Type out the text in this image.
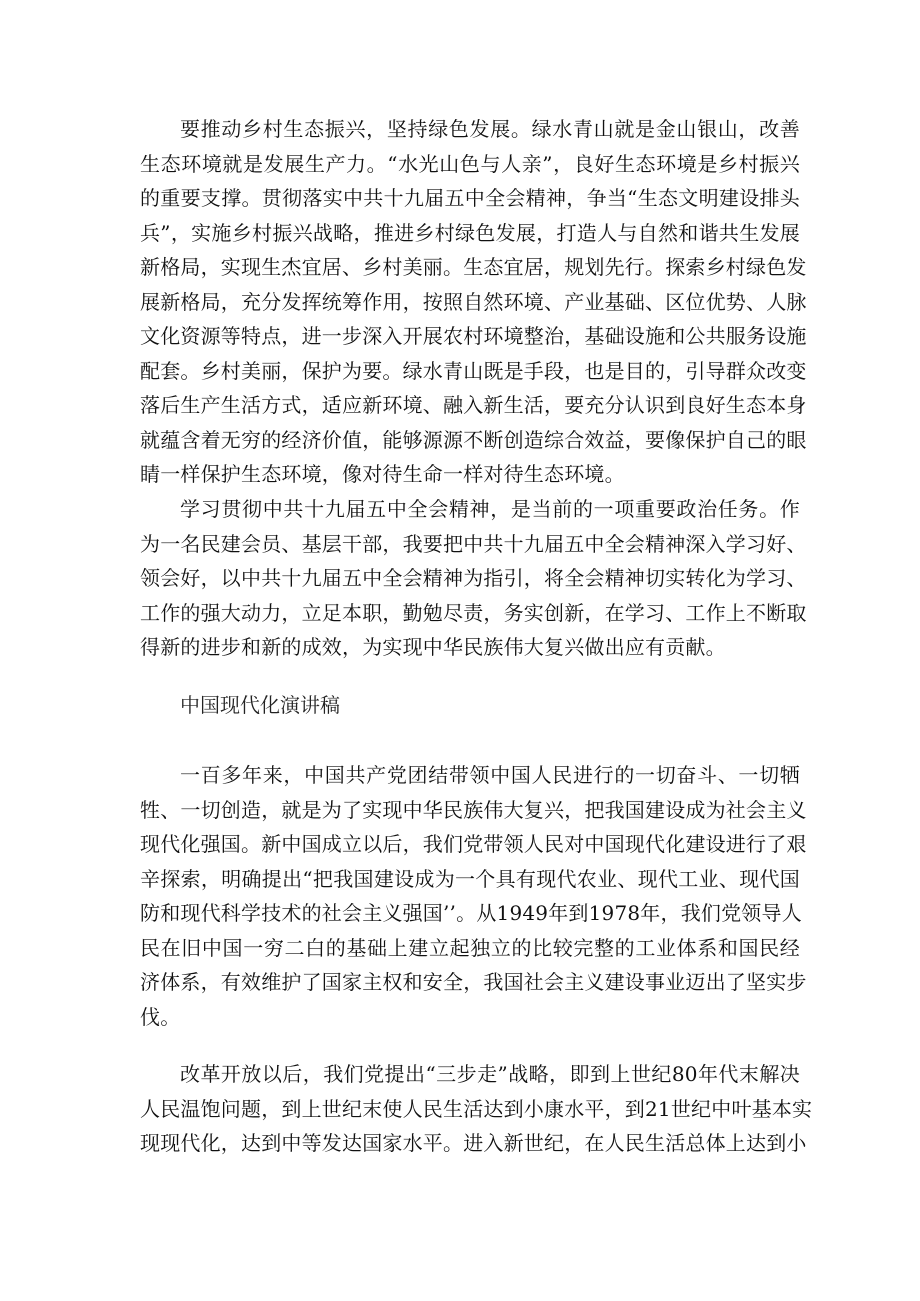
要推动乡村生态振兴，坚持绿色发展。绿水青山就是金山银山，改善
生态环境就是发展生产力。“水光山色与人亲”，良好生态环境是乡村振兴
的重要支撑。贯彻落实中共十九届五中全会精神，争当“生态文明建设排头
兵”，实施乡村振兴战略，推进乡村绿色发展，打造人与自然和谐共生发展
新格局，实现生杰宜居、乡村美丽。生态宜居，规划先行。探索乡村绿色发
展新格局，充分发挥统筹作用，按照自然环境、产业基础、区位优势、人脉
文化资源等特点，进一步深入开展农村环境整治，基础设施和公共服务设施
配套。乡村美丽，保护为要。绿水青山既是手段，也是目的，引导群众改变
落后生产生活方式，适应新环境、融入新生活，要充分认识到良好生态本身
就蕴含着无穷的经济价值，能够源源不断创造综合效益，要像保护自己的眼
睛一样保护生态环境，像对待生命一样对待生态环境。
学习贯彻中共十九届五中全会精神，是当前的一项重要政治任务。作
为一名民建会员、基层干部，我要把中共十九届五中全会精神深入学习好、
领会好，以中共十九届五中全会精神为指引，将全会精神切实转化为学习、
工作的强大动力，立足本职，勤勉尽责，务实创新，在学习、工作上不断取
得新的进步和新的成效，为实现中华民族伟大复兴做出应有贡献。
中国现代化演讲稿
一百多年来，中国共产党团结带领中国人民进行的一切奋斗、一切牺
牲、一切创造，就是为了实现中华民族伟大复兴，把我国建设成为社会主义
现代化强国。新中国成立以后，我们党带领人民对中国现代化建设进行了艰
辛探索，明确提出“把我国建设成为一个具有现代农业、现代工业、现代国
防和现代科学技术的社会主义强国’’。从1949年到1978年，我们党领导人
民在旧中国一穷二白的基础上建立起独立的比较完整的工业体系和国民经
济体系，有效维护了国家主权和安全，我国社会主义建设事业迈出了坚实步
伐。
改革开放以后，我们党提出“三步走”战略，即到上世纪80年代末解决
人民温饱问题，到上世纪末使人民生活达到小康水平，到21世纪中叶基本实
现现代化，达到中等发达国家水平。进入新世纪，在人民生活总体上达到小
